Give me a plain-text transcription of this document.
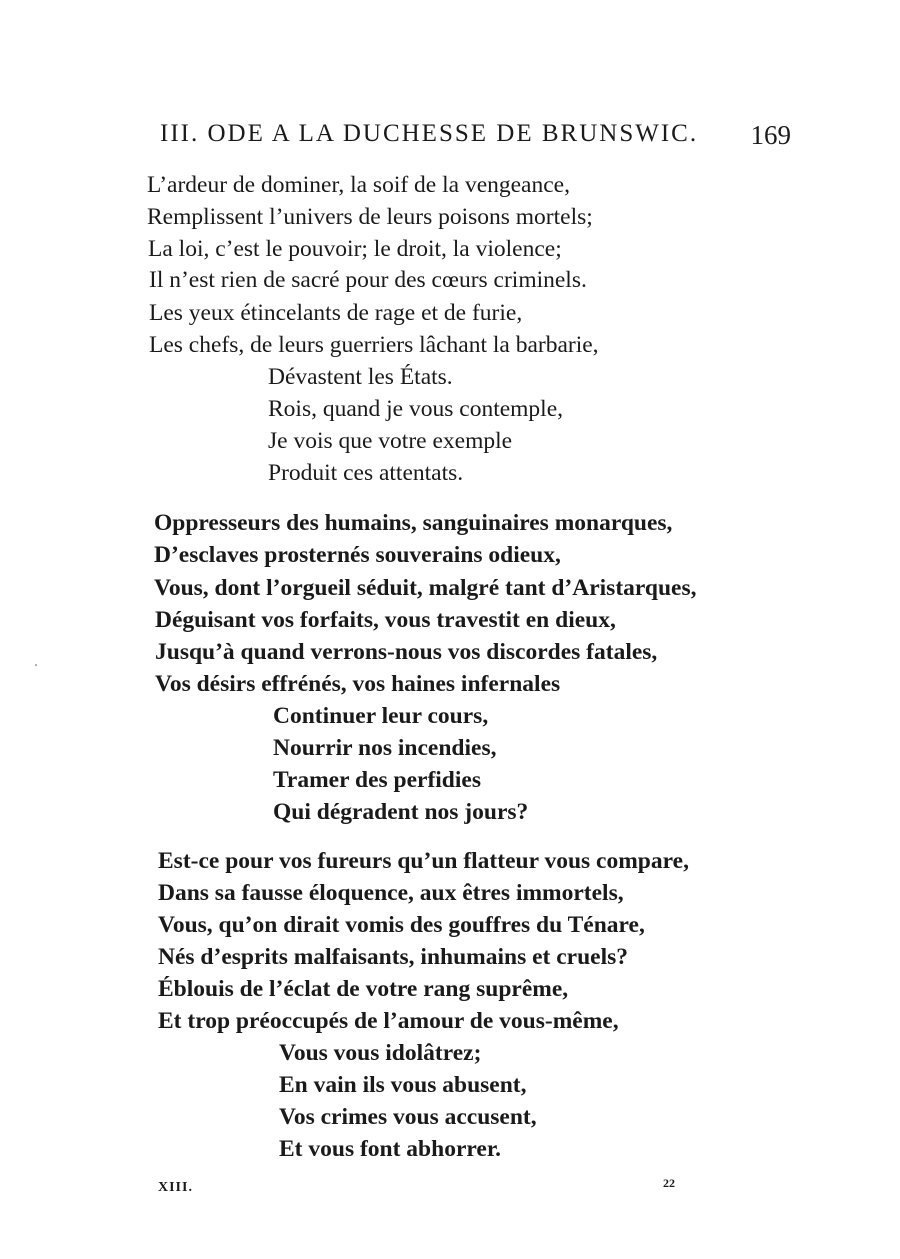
III. ODE A LA DUCHESSE DE BRUNSWIC. 169
L’ardeur de dominer, la soif de la vengeance,
Remplissent l’univers de leurs poisons mortels;
La loi, c’est le pouvoir; le droit, la violence;
Il n’est rien de sacré pour des cœurs criminels.
Les yeux étincelants de rage et de furie,
Les chefs, de leurs guerriers lâchant la barbarie,
Dévastent les États.
Rois, quand je vous contemple,
Je vois que votre exemple
Produit ces attentats.
Oppresseurs des humains, sanguinaires monarques,
D’esclaves prosternés souverains odieux,
Vous, dont l’orgueil séduit, malgré tant d’Aristarques,
Déguisant vos forfaits, vous travestit en dieux,
Jusqu’à quand verrons-nous vos discordes fatales,
Vos désirs effrénés, vos haines infernales
Continuer leur cours,
Nourrir nos incendies,
Tramer des perfidies
Qui dégradent nos jours?
Est-ce pour vos fureurs qu’un flatteur vous compare,
Dans sa fausse éloquence, aux êtres immortels,
Vous, qu’on dirait vomis des gouffres du Ténare,
Nés d’esprits malfaisants, inhumains et cruels?
Éblouis de l’éclat de votre rang suprême,
Et trop préoccupés de l’amour de vous-même,
Vous vous idolâtrez;
En vain ils vous abusent,
Vos crimes vous accusent,
Et vous font abhorrer.
XIII.	22
